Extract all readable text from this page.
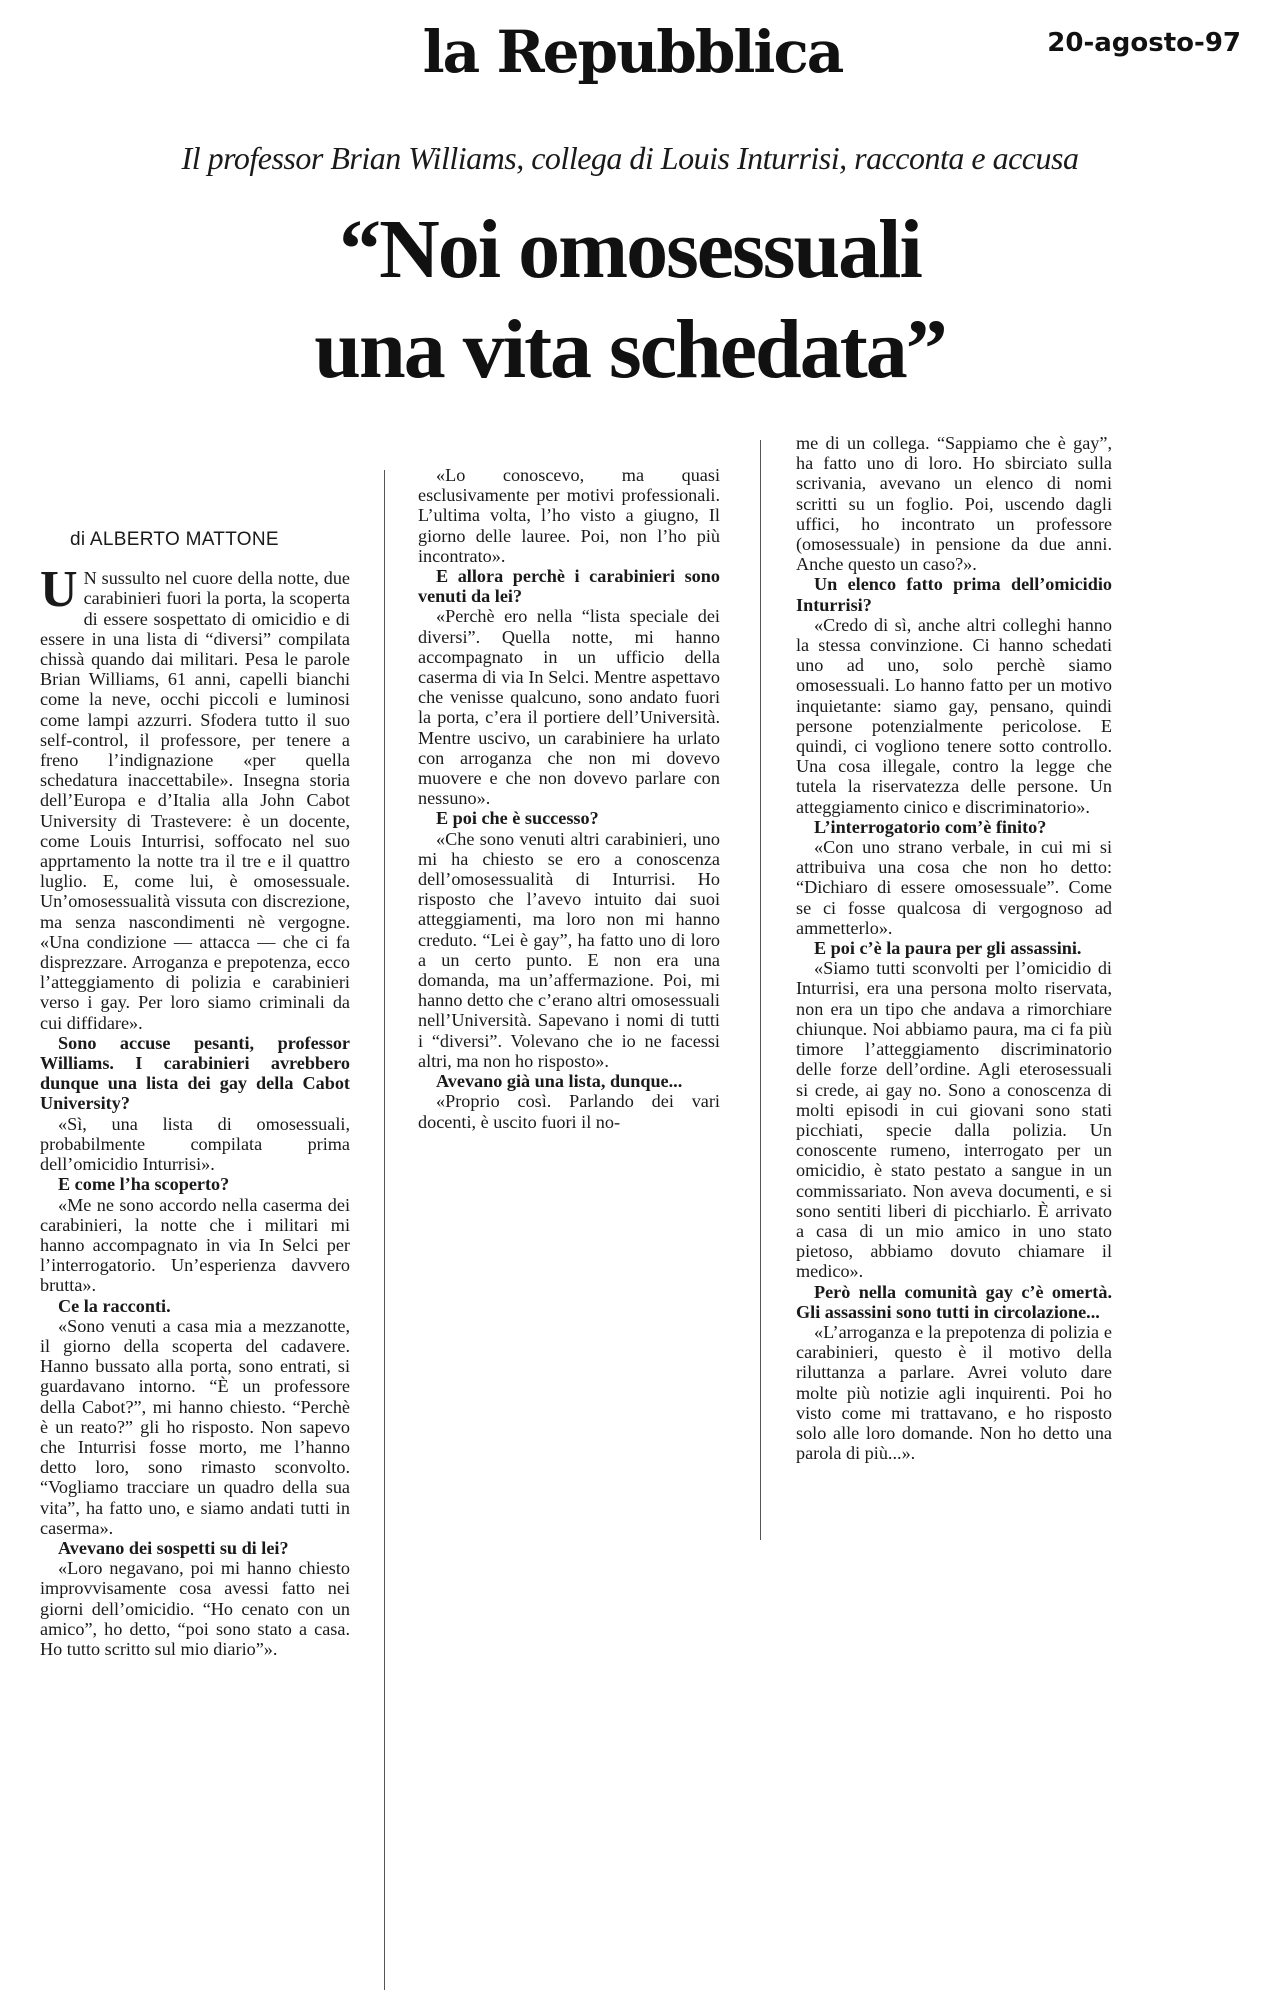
la Repubblica	20-agosto-97
Il professor Brian Williams, collega di Louis Inturrisi, racconta e accusa
“Noi omosessuali
una vita schedata”
di ALBERTO MATTONE

U N sussulto nel cuore della notte, due carabinieri fuori la porta, la scoperta di essere sospettato di omicidio e di essere in una lista di “diversi” compilata chissà quando dai militari. Pesa le parole Brian Williams, 61 anni, capelli bianchi come la neve, occhi piccoli e luminosi come lampi azzurri. Sfodera tutto il suo self-control, il professore, per tenere a freno l’indignazione «per quella schedatura inaccettabile». Insegna storia dell’Europa e d’Italia alla John Cabot University di Trastevere: è un docente, come Louis Inturrisi, soffocato nel suo apprtamento la notte tra il tre e il quattro luglio. E, come lui, è omosessuale. Un’omosessualità vissuta con discrezione, ma senza nascondimenti nè vergogne. «Una condizione — attacca — che ci fa disprezzare. Arroganza e prepotenza, ecco l’atteggiamento di polizia e carabinieri verso i gay. Per loro siamo criminali da cui diffidare».

Sono accuse pesanti, professor Williams. I carabinieri avrebbero dunque una lista dei gay della Cabot University?

«Sì, una lista di omosessuali, probabilmente compilata prima dell’omicidio Inturrisi».

E come l’ha scoperto?

«Me ne sono accordo nella caserma dei carabinieri, la notte che i militari mi hanno accompagnato in via In Selci per l’interrogatorio. Un’esperienza davvero brutta».

Ce la racconti.

«Sono venuti a casa mia a mezzanotte, il giorno della scoperta del cadavere. Hanno bussato alla porta, sono entrati, si guardavano intorno. “È un professore della Cabot?”, mi hanno chiesto. “Perchè è un reato?” gli ho risposto. Non sapevo che Inturrisi fosse morto, me l’hanno detto loro, sono rimasto sconvolto. “Vogliamo tracciare un quadro della sua vita”, ha fatto uno, e siamo andati tutti in caserma».

Avevano dei sospetti su di lei?

«Loro negavano, poi mi hanno chiesto improvvisamente cosa avessi fatto nei giorni dell’omicidio. “Ho cenato con un amico”, ho detto, “poi sono stato a casa. Ho tutto scritto sul mio diario”».

«Lo conoscevo, ma quasi esclusivamente per motivi professionali. L’ultima volta, l’ho visto a giugno, Il giorno delle lauree. Poi, non l’ho più incontrato».

E allora perchè i carabinieri sono venuti da lei?

«Perchè ero nella “lista speciale dei diversi”. Quella notte, mi hanno accompagnato in un ufficio della caserma di via In Selci. Mentre aspettavo che venisse qualcuno, sono andato fuori la porta, c’era il portiere dell’Università. Mentre uscivo, un carabiniere ha urlato con arroganza che non mi dovevo muovere e che non dovevo parlare con nessuno».

E poi che è successo?

«Che sono venuti altri carabinieri, uno mi ha chiesto se ero a conoscenza dell’omosessualità di Inturrisi. Ho risposto che l’avevo intuito dai suoi atteggiamenti, ma loro non mi hanno creduto. “Lei è gay”, ha fatto uno di loro a un certo punto. E non era una domanda, ma un’affermazione. Poi, mi hanno detto che c’erano altri omosessuali nell’Università. Sapevano i nomi di tutti i “diversi”. Volevano che io ne facessi altri, ma non ho risposto».

Avevano già una lista, dunque...

«Proprio così. Parlando dei vari docenti, è uscito fuori il no-

me di un collega. “Sappiamo che è gay”, ha fatto uno di loro. Ho sbirciato sulla scrivania, avevano un elenco di nomi scritti su un foglio. Poi, uscendo dagli uffici, ho incontrato un professore (omosessuale) in pensione da due anni. Anche questo un caso?».

Un elenco fatto prima dell’omicidio Inturrisi?

«Credo di sì, anche altri colleghi hanno la stessa convinzione. Ci hanno schedati uno ad uno, solo perchè siamo omosessuali. Lo hanno fatto per un motivo inquietante: siamo gay, pensano, quindi persone potenzialmente pericolose. E quindi, ci vogliono tenere sotto controllo. Una cosa illegale, contro la legge che tutela la riservatezza delle persone. Un atteggiamento cinico e discriminatorio».

L’interrogatorio com’è finito?

«Con uno strano verbale, in cui mi si attribuiva una cosa che non ho detto: “Dichiaro di essere omosessuale”. Come se ci fosse qualcosa di vergognoso ad ammetterlo».

E poi c’è la paura per gli assassini.

«Siamo tutti sconvolti per l’omicidio di Inturrisi, era una persona molto riservata, non era un tipo che andava a rimorchiare chiunque. Noi abbiamo paura, ma ci fa più timore l’atteggiamento discriminatorio delle forze dell’ordine. Agli eterosessuali si crede, ai gay no. Sono a conoscenza di molti episodi in cui giovani sono stati picchiati, specie dalla polizia. Un conoscente rumeno, interrogato per un omicidio, è stato pestato a sangue in un commissariato. Non aveva documenti, e si sono sentiti liberi di picchiarlo. È arrivato a casa di un mio amico in uno stato pietoso, abbiamo dovuto chiamare il medico».

Però nella comunità gay c’è omertà. Gli assassini sono tutti in circolazione...

«L’arroganza e la prepotenza di polizia e carabinieri, questo è il motivo della riluttanza a parlare. Avrei voluto dare molte più notizie agli inquirenti. Poi ho visto come mi trattavano, e ho risposto solo alle loro domande. Non ho detto una parola di più...».
